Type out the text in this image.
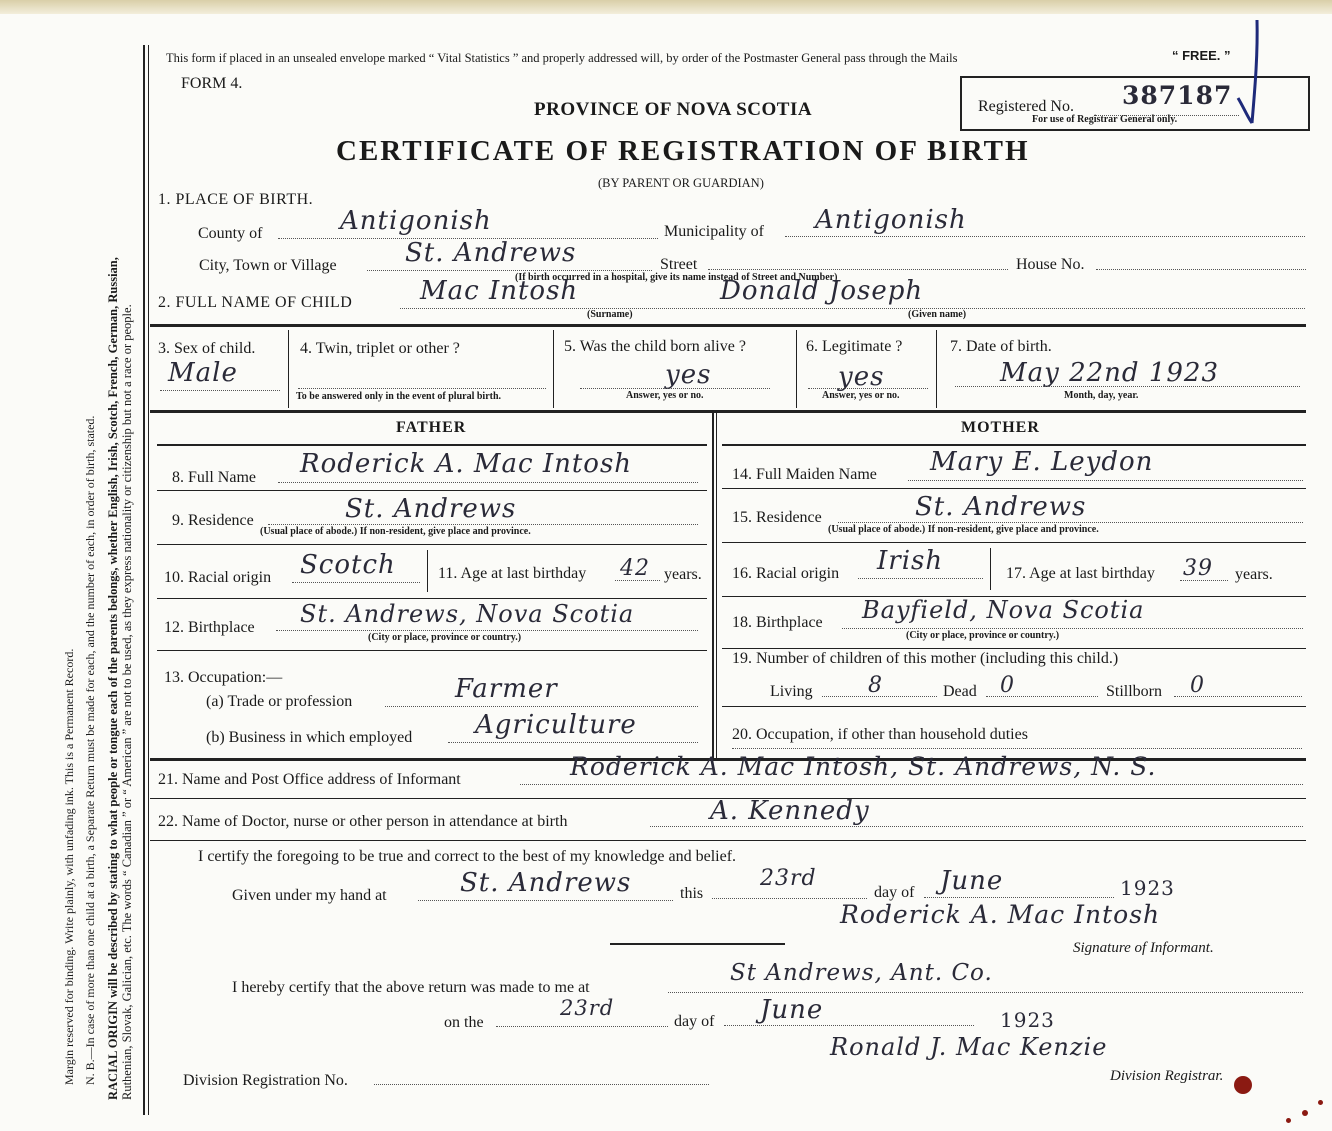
Margin reserved for binding. Write plainly, with unfading ink. This is a Permanent Record. N. B.—In case of more than one child at a birth, a Separate Return must be made for each, and the number of each, in order of birth, stated. RACIAL ORIGIN will be described by stating to what people or tongue each of the parents belongs, whether English, Irish, Scotch, French, German, Russian, Ruthenian, Slovak, Galician, etc. The words “ Canadian ” or “ American ” are not to be used, as they express nationality or citizenship but not a race or people.
This form if placed in an unsealed envelope marked “ Vital Statistics ” and properly addressed will, by order of the Postmaster General pass through the Mails	“ FREE. ”
FORM 4.
PROVINCE OF NOVA SCOTIA
CERTIFICATE OF REGISTRATION OF BIRTH
(BY PARENT OR GUARDIAN)
Registered No. 387187
For use of Registrar General only.
1. PLACE OF BIRTH.
County of	Antigonish	Municipality of Antigonish
City, Town or Village	St. Andrews	Street
(If birth occurred in a hospital, give its name instead of Street and Number)
House No.
2. FULL NAME OF CHILD	Mac Intosh	Donald Joseph
(Surname)	(Given name)
3. Sex of child.
Male
4. Twin, triplet or other ?
To be answered only in the event of plural birth.
5. Was the child born alive ?
yes
Answer, yes or no.
6. Legitimate ?
yes
Answer, yes or no.
7. Date of birth.
May 22nd 1923
Month, day, year.
FATHER
8. Full Name Roderick A. Mac Intosh
9. Residence	St. Andrews
(Usual place of abode.) If non-resident, give place and province.
10. Racial origin Scotch	11. Age at last birthday 42 years.
12. Birthplace St. Andrews, Nova Scotia
(City or place, province or country.)
13. Occupation:—
(a) Trade or profession	Farmer
(b) Business in which employed Agriculture
MOTHER
14. Full Maiden Name Mary E. Leydon
15. Residence	St. Andrews
(Usual place of abode.) If non-resident, give place and province.
16. Racial origin Irish	17. Age at last birthday 39 years.
18. Birthplace Bayfield, Nova Scotia
(City or place, province or country.)
19. Number of children of this mother (including this child.)
Living	8	Dead 0	Stillborn 0
20. Occupation, if other than household duties
21. Name and Post Office address of Informant	Roderick A. Mac Intosh, St. Andrews, N. S.
22. Name of Doctor, nurse or other person in attendance at birth	A. Kennedy
I certify the foregoing to be true and correct to the best of my knowledge and belief.
Given under my hand at	St. Andrews	this
23rd
day of June	1923
Roderick A. Mac Intosh
Signature of Informant.
I hereby certify that the above return was made to me at
St Andrews, Ant. Co.
on the
23rd
day of June	1923
Ronald J. Mac Kenzie
Division Registration No.	Division Registrar.
